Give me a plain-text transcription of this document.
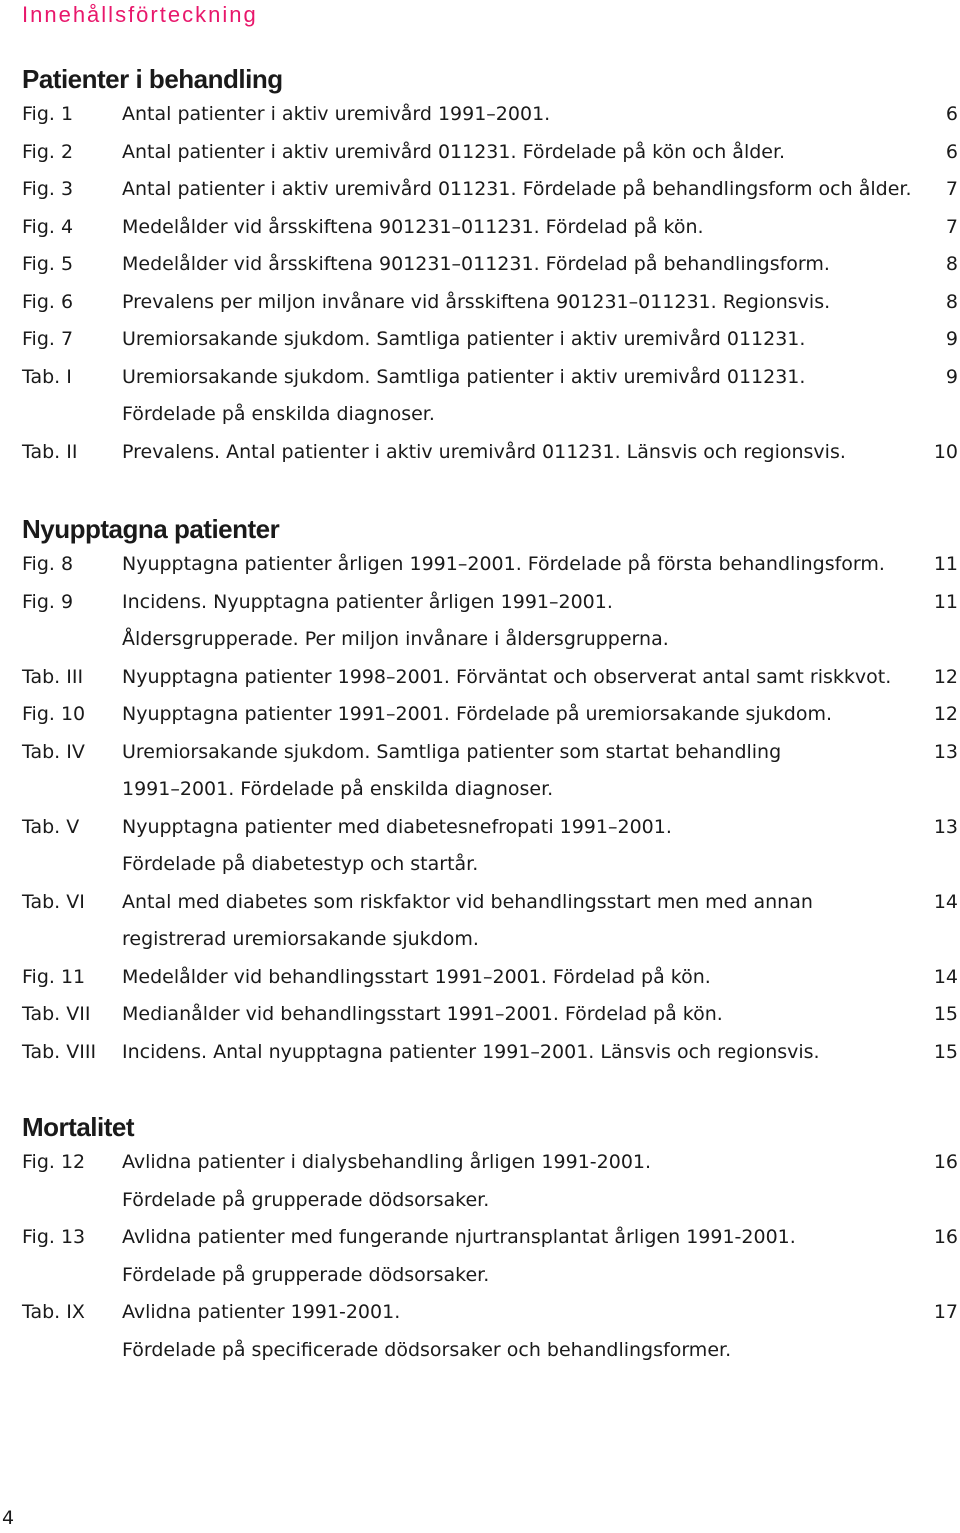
Innehållsförteckning
Patienter i behandling
Fig. 1	Antal patienter i aktiv uremivård 1991–2001.	6
Fig. 2	Antal patienter i aktiv uremivård 011231. Fördelade på kön och ålder.	6
Fig. 3	Antal patienter i aktiv uremivård 011231. Fördelade på behandlingsform och ålder. 7
Fig. 4	Medelålder vid årsskiftena 901231–011231. Fördelad på kön.	7
Fig. 5	Medelålder vid årsskiftena 901231–011231. Fördelad på behandlingsform.	8
Fig. 6	Prevalens per miljon invånare vid årsskiftena 901231–011231. Regionsvis.	8
Fig. 7	Uremiorsakande sjukdom. Samtliga patienter i aktiv uremivård 011231.	9
Tab. I	Uremiorsakande sjukdom. Samtliga patienter i aktiv uremivård 011231.	9
Fördelade på enskilda diagnoser.
Tab. II Prevalens. Antal patienter i aktiv uremivård 011231. Länsvis och regionsvis.	10
Nyupptagna patienter
Fig. 8	Nyupptagna patienter årligen 1991–2001. Fördelade på första behandlingsform.	11
Fig. 9	Incidens. Nyupptagna patienter årligen 1991–2001.	11
Åldersgrupperade. Per miljon invånare i åldersgrupperna.
Tab. III Nyupptagna patienter 1998–2001. Förväntat och observerat antal samt riskkvot. 12
Fig. 10 Nyupptagna patienter 1991–2001. Fördelade på uremiorsakande sjukdom.	12
Tab. IV Uremiorsakande sjukdom. Samtliga patienter som startat behandling	13
1991–2001. Fördelade på enskilda diagnoser.
Tab. V Nyupptagna patienter med diabetesnefropati 1991–2001.	13
Fördelade på diabetestyp och startår.
Tab. VI Antal med diabetes som riskfaktor vid behandlingsstart men med annan	14
registrerad uremiorsakande sjukdom.
Fig. 11 Medelålder vid behandlingsstart 1991–2001. Fördelad på kön.	14
Tab. VII Medianålder vid behandlingsstart 1991–2001. Fördelad på kön.	15
Tab. VIII Incidens. Antal nyupptagna patienter 1991–2001. Länsvis och regionsvis.	15
Mortalitet
Fig. 12 Avlidna patienter i dialysbehandling årligen 1991-2001.	16
Fördelade på grupperade dödsorsaker.
Fig. 13 Avlidna patienter med fungerande njurtransplantat årligen 1991-2001.	16
Fördelade på grupperade dödsorsaker.
Tab. IX Avlidna patienter 1991-2001.	17
Fördelade på specificerade dödsorsaker och behandlingsformer.
4
